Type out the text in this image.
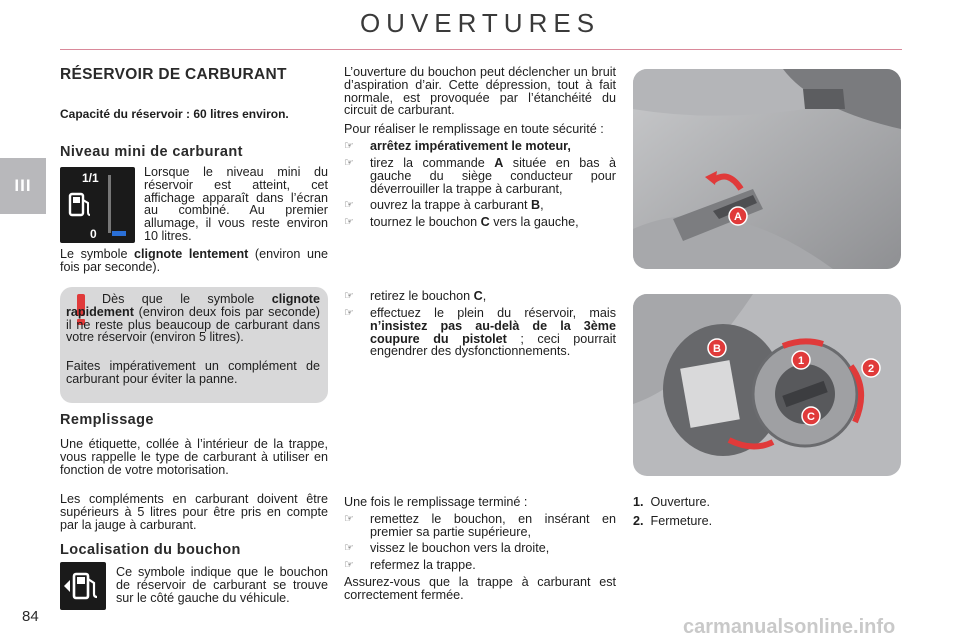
OUVERTURES
III
RÉSERVOIR DE CARBURANT
Capacité du réservoir : 60 litres environ.
Niveau mini de carburant
1/1
0
Lorsque le niveau mini du réservoir est atteint, cet affichage apparaît dans l’écran au combiné. Au premier allumage, il vous reste environ 10 litres.
Le symbole clignote lentement (environ une fois par seconde).
Dès que le symbole clignote rapidement (environ deux fois par seconde) il ne reste plus beaucoup de carburant dans votre réservoir (environ 5 litres).
Faites impérativement un complément de carburant pour éviter la panne.
Remplissage
Une étiquette, collée à l’intérieur de la trappe, vous rappelle le type de carburant à utiliser en fonction de votre motorisation.
Les compléments en carburant doivent être supérieurs à 5 litres pour être pris en compte par la jauge à carburant.
Localisation du bouchon
Ce symbole indique que le bouchon de réservoir de carburant se trouve sur le côté gauche du véhicule.
84
L’ouverture du bouchon peut déclencher un bruit d’aspiration d’air. Cette dépression, tout à fait normale, est provoquée par l’étanchéité du circuit de carburant.
Pour réaliser le remplissage en toute sécurité :
☞	arrêtez impérativement le moteur,
☞	tirez la commande A située en bas à gauche du siège conducteur pour déverrouiller la trappe à carburant,
☞	ouvrez la trappe à carburant B,
☞	tournez le bouchon C vers la gauche,
☞	retirez le bouchon C,
☞	effectuez le plein du réservoir, mais n’insistez pas au-delà de la 3ème coupure du pistolet ; ceci pourrait engendrer des dysfonctionnements.
Une fois le remplissage terminé :
☞	remettez le bouchon, en insérant en premier sa partie supérieure,
☞	vissez le bouchon vers la droite,
☞	refermez la trappe.
Assurez-vous que la trappe à carburant est correctement fermée.
A
B
1
2
C
1. Ouverture.
2. Fermeture.
carmanualsonline.info
